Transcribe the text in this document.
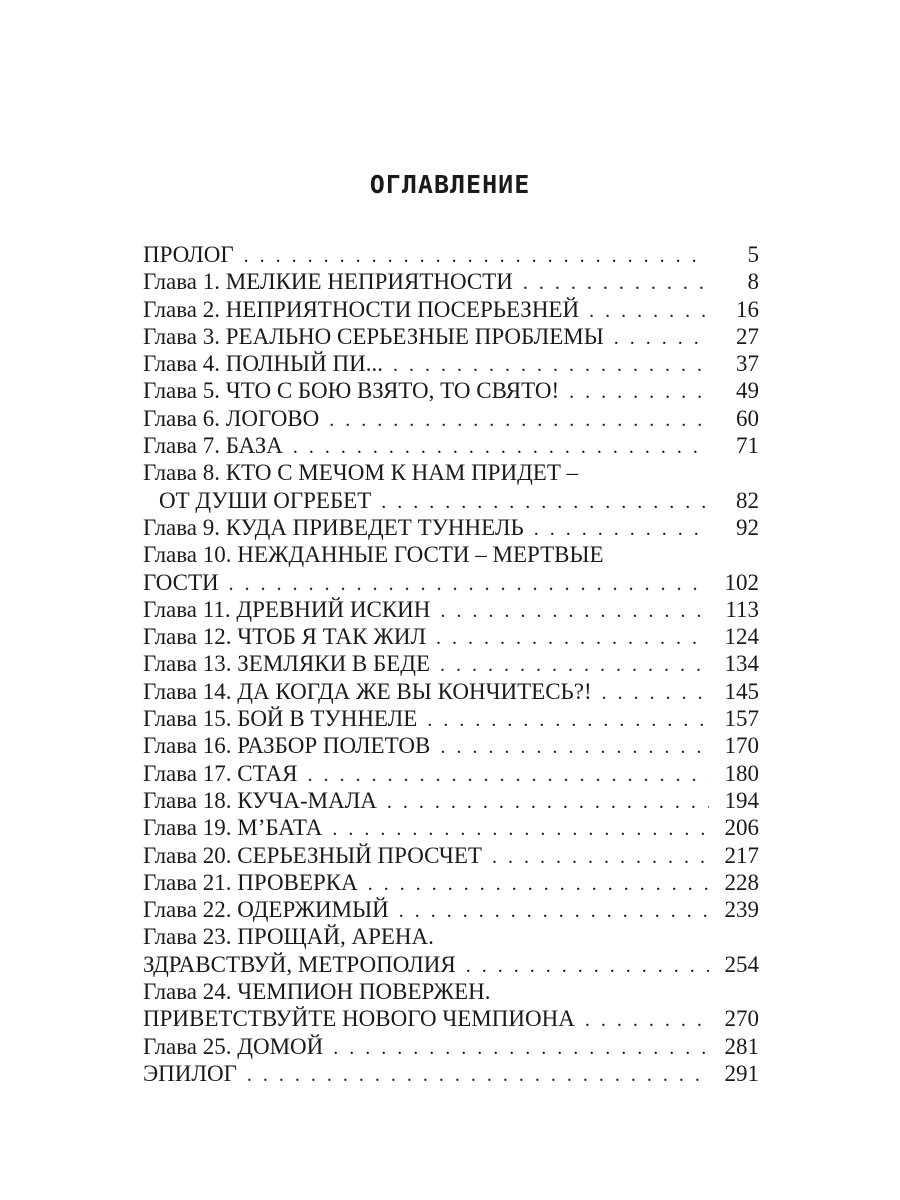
ОГЛАВЛЕНИЕ
ПРОЛОГ . . .	5
Глава 1. МЕЛКИЕ НЕПРИЯТНОСТИ . . .	8
Глава 2. НЕПРИЯТНОСТИ ПОСЕРЬЕЗНЕЙ . . .	16
Глава 3. РЕАЛЬНО СЕРЬЕЗНЫЕ ПРОБЛЕМЫ . . .	27
Глава 4. ПОЛНЫЙ ПИ... . . .	37
Глава 5. ЧТО С БОЮ ВЗЯТО, ТО СВЯТО! . . .	49
Глава 6. ЛОГОВО . . .	60
Глава 7. БАЗА . . .	71
Глава 8. КТО С МЕЧОМ К НАМ ПРИДЕТ –
ОТ ДУШИ ОГРЕБЕТ . . .	82
Глава 9. КУДА ПРИВЕДЕТ ТУННЕЛЬ . . .	92
Глава 10. НЕЖДАННЫЕ ГОСТИ – МЕРТВЫЕ
ГОСТИ . . .	102
Глава 11. ДРЕВНИЙ ИСКИН . . .	113
Глава 12. ЧТОБ Я ТАК ЖИЛ . . .	124
Глава 13. ЗЕМЛЯКИ В БЕДЕ . . .	134
Глава 14. ДА КОГДА ЖЕ ВЫ КОНЧИТЕСЬ?! . . .	145
Глава 15. БОЙ В ТУННЕЛЕ . . .	157
Глава 16. РАЗБОР ПОЛЕТОВ . . .	170
Глава 17. СТАЯ . . .	180
Глава 18. КУЧА-МАЛА . . .	194
Глава 19. М’БАТА . . .	206
Глава 20. СЕРЬЕЗНЫЙ ПРОСЧЕТ . . .	217
Глава 21. ПРОВЕРКА . . .	228
Глава 22. ОДЕРЖИМЫЙ . . .	239
Глава 23. ПРОЩАЙ, АРЕНА.
ЗДРАВСТВУЙ, МЕТРОПОЛИЯ . . .	254
Глава 24. ЧЕМПИОН ПОВЕРЖЕН.
ПРИВЕТСТВУЙТЕ НОВОГО ЧЕМПИОНА . . .	270
Глава 25. ДОМОЙ . . .	281
ЭПИЛОГ . . .	291
